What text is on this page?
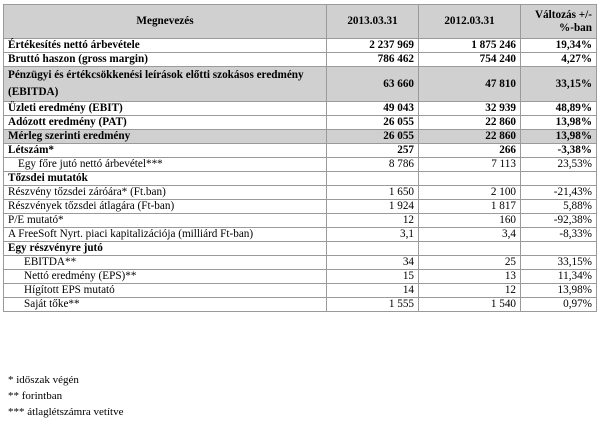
Megnevezés	2013.03.31	2012.03.31	Változás +/- %-ban
Értékesítés nettó árbevétele	2 237 969	1 875 246	19,34%
Bruttó haszon (gross margin)	786 462	754 240	4,27%
Pénzügyi és értékcsökkenési leírások előtti szokásos eredmény (EBITDA)	63 660	47 810	33,15%
Üzleti eredmény (EBIT)	49 043	32 939	48,89%
Adózott eredmény (PAT)	26 055	22 860	13,98%
Mérleg szerinti eredmény	26 055	22 860	13,98%
Létszám*	257	266	-3,38%
Egy főre jutó nettó árbevétel***	8 786	7 113	23,53%
Tőzsdei mutatók			
Részvény tőzsdei záróára* (Ft.ban)	1 650	2 100	-21,43%
Részvények tőzsdei átlagára (Ft-ban)	1 924	1 817	5,88%
P/E mutató*	12	160	-92,38%
A FreeSoft Nyrt. piaci kapitalizációja (milliárd Ft-ban)	3,1	3,4	-8,33%
Egy részvényre jutó			
EBITDA**	34	25	33,15%
Nettó eredmény (EPS)**	15	13	11,34%
Hígított EPS mutató	14	12	13,98%
Saját tőke**	1 555	1 540	0,97%
* időszak végén
** forintban
*** átlaglétszámra vetítve
